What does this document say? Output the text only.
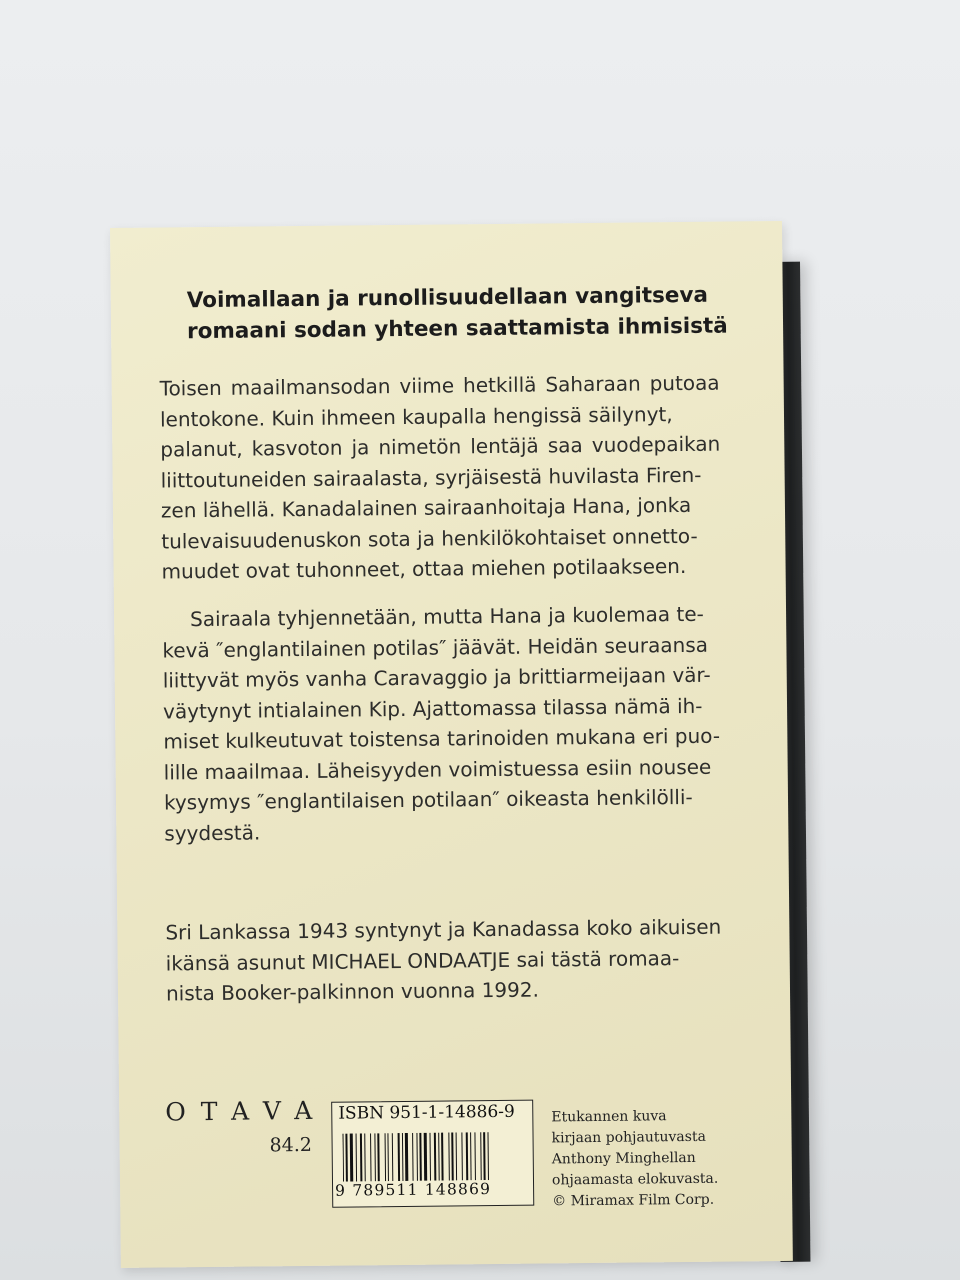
Voimallaan ja runollisuudellaan vangitseva
romaani sodan yhteen saattamista ihmisistä
Toisen maailmansodan viime hetkillä Saharaan putoaa
lentokone. Kuin ihmeen kaupalla hengissä säilynyt,
palanut, kasvoton ja nimetön lentäjä saa vuodepaikan
liittoutuneiden sairaalasta, syrjäisestä huvilasta Firen-
zen lähellä. Kanadalainen sairaanhoitaja Hana, jonka
tulevaisuudenuskon sota ja henkilökohtaiset onnetto-
muudet ovat tuhonneet, ottaa miehen potilaakseen.
Sairaala tyhjennetään, mutta Hana ja kuolemaa te-
kevä ″englantilainen potilas″ jäävät. Heidän seuraansa
liittyvät myös vanha Caravaggio ja brittiarmeijaan vär-
väytynyt intialainen Kip. Ajattomassa tilassa nämä ih-
miset kulkeutuvat toistensa tarinoiden mukana eri puo-
lille maailmaa. Läheisyyden voimistuessa esiin nousee
kysymys ″englantilaisen potilaan″ oikeasta henkilölli-
syydestä.
Sri Lankassa 1943 syntynyt ja Kanadassa koko aikuisen
ikänsä asunut MICHAEL ONDAATJE sai tästä romaa-
nista Booker-palkinnon vuonna 1992.
OTAVA
84.2

ISBN 951-1-14886-9

9 789511 148869

Etukannen kuva
kirjaan pohjautuvasta
Anthony Minghellan
ohjaamasta elokuvasta.
© Miramax Film Corp.
